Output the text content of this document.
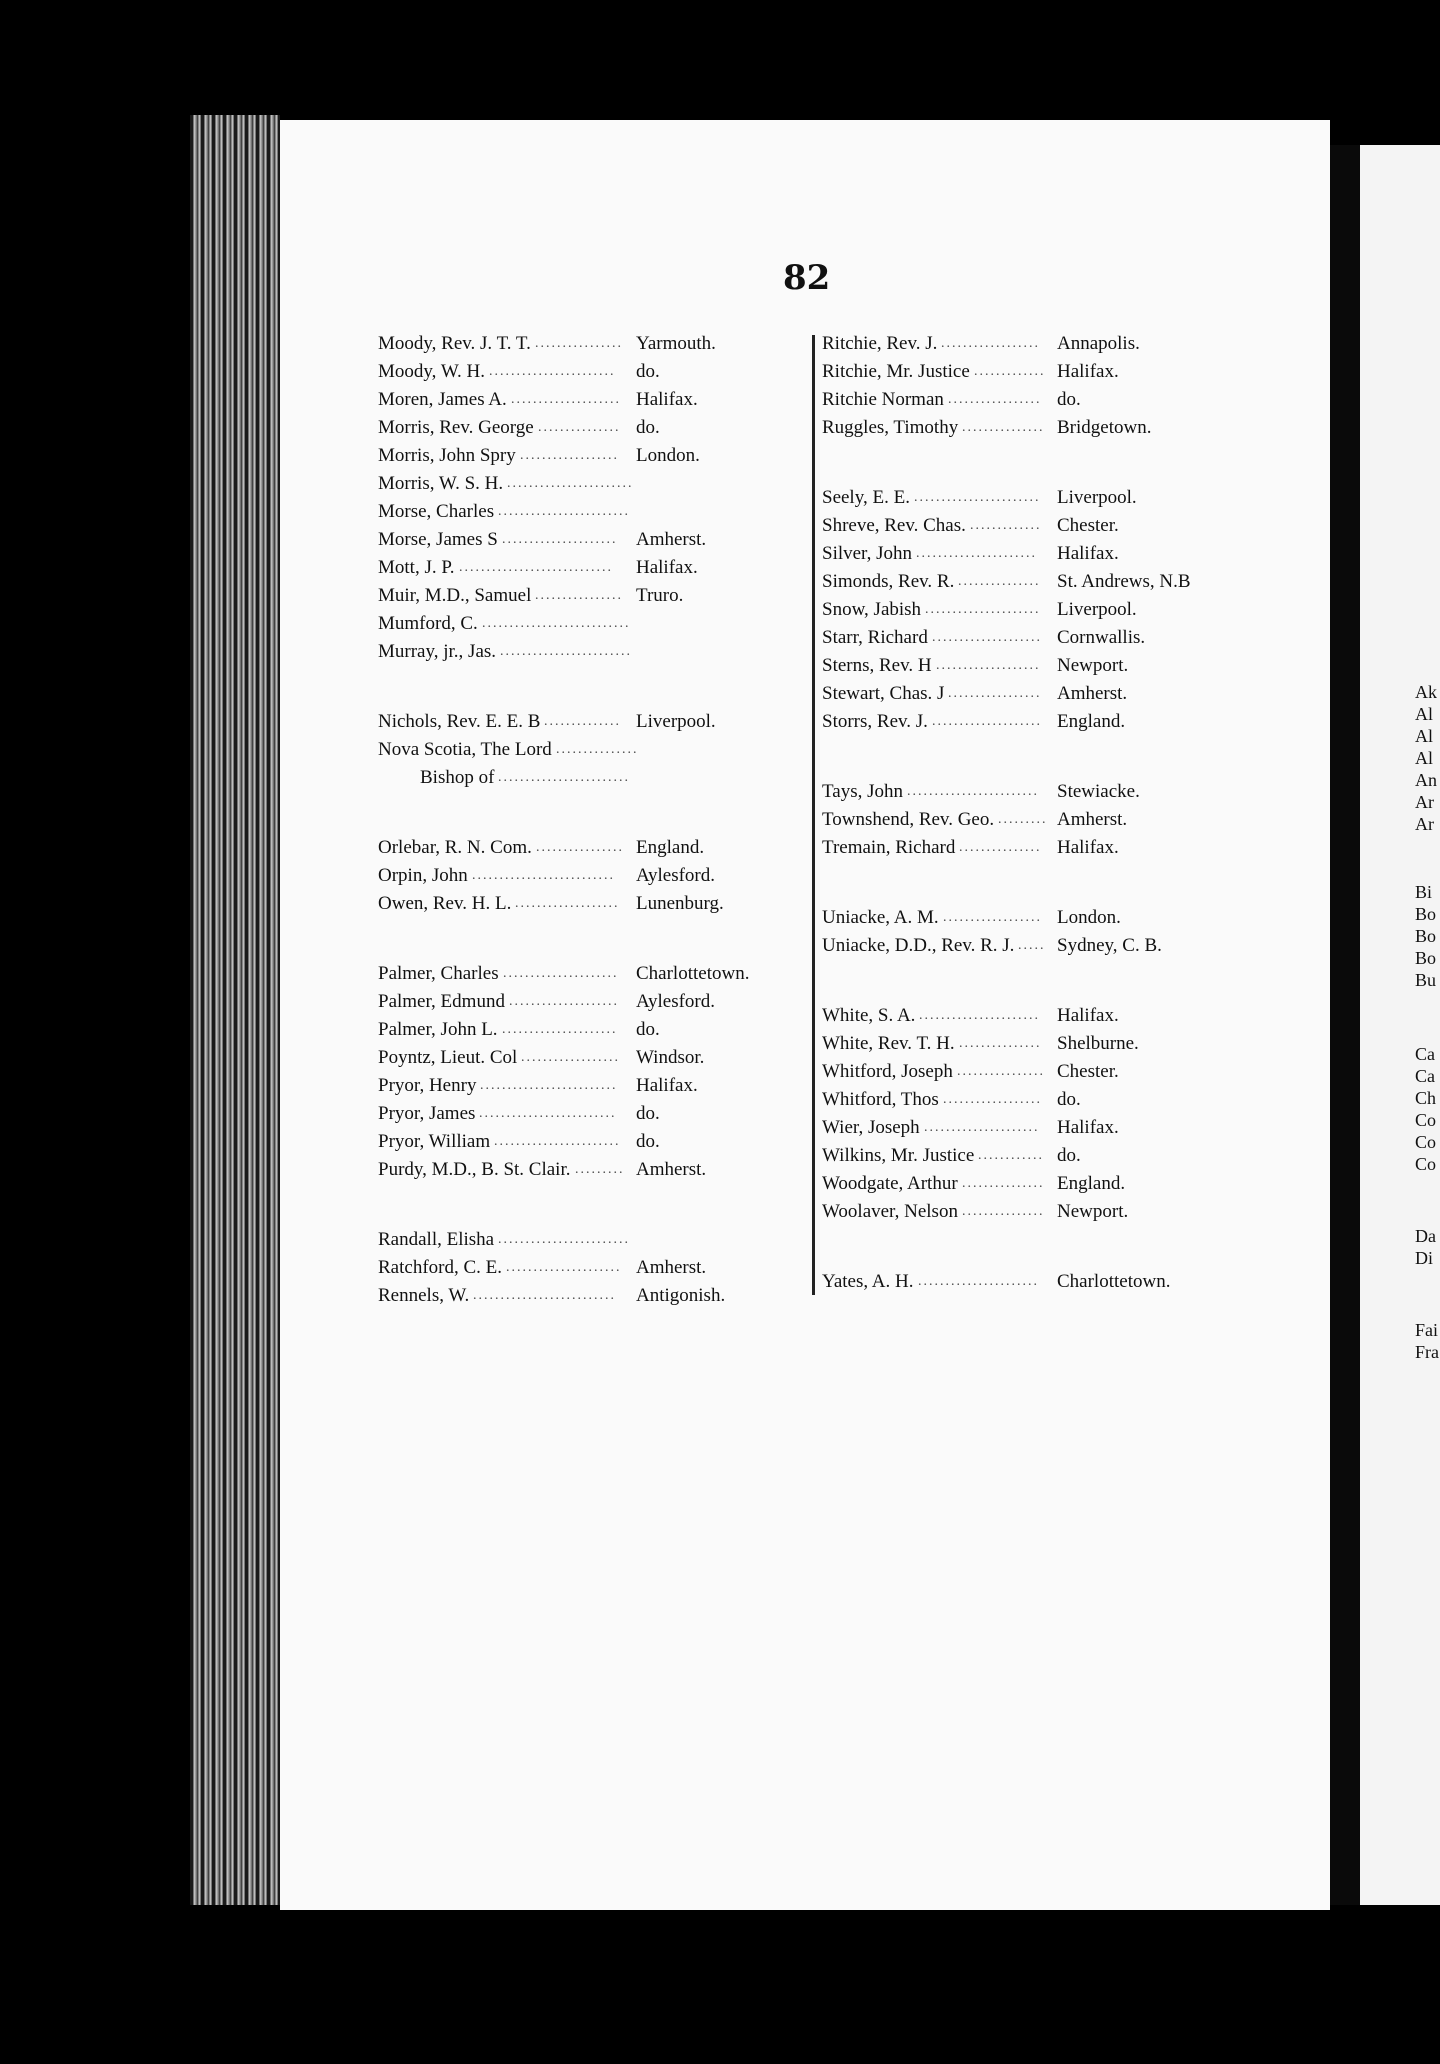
82
Moody, Rev. J. T. T. ................ Yarmouth.
Moody, W. H. .......................	do.
Moren, James A. .................... Halifax.
Morris, Rev. George ............... do.
Morris, John Spry .................. London.
Morris, W. S. H. .......................
Morse, Charles ........................
Morse, James S ..................... Amherst.
Mott, J. P. ............................	Halifax.
Muir, M.D., Samuel ................ Truro.
Mumford, C. ...........................
Murray, jr., Jas. ........................
Nichols, Rev. E. E. B .............. Liverpool.
Nova Scotia, The Lord ...............
Bishop of ........................
Orlebar, R. N. Com. ................ England.
Orpin, John ..........................	Aylesford.
Owen, Rev. H. L. ................... Lunenburg.
Palmer, Charles ..................... Charlottetown.
Palmer, Edmund .................... Aylesford.
Palmer, John L. ..................... do.
Poyntz, Lieut. Col .................. Windsor.
Pryor, Henry ......................... Halifax.
Pryor, James .........................	do.
Pryor, William ....................... do.
Purdy, M.D., B. St. Clair. ......... Amherst.
Randall, Elisha ........................
Ratchford, C. E. ..................... Amherst.
Rennels, W. ..........................	Antigonish.
Ritchie, Rev. J. .................. Annapolis.
Ritchie, Mr. Justice ............. Halifax.
Ritchie Norman ................. do.
Ruggles, Timothy ............... Bridgetown.
Seely, E. E. ....................... Liverpool.
Shreve, Rev. Chas. ............. Chester.
Silver, John ......................	Halifax.
Simonds, Rev. R. ............... St. Andrews, N.B
Snow, Jabish ..................... Liverpool.
Starr, Richard .................... Cornwallis.
Sterns, Rev. H ................... Newport.
Stewart, Chas. J ................. Amherst.
Storrs, Rev. J. .................... England.
Tays, John ........................ Stewiacke.
Townshend, Rev. Geo. ......... Amherst.
Tremain, Richard ............... Halifax.
Uniacke, A. M. .................. London.
Uniacke, D.D., Rev. R. J. ..... Sydney, C. B.
White, S. A. ...................... Halifax.
White, Rev. T. H. ............... Shelburne.
Whitford, Joseph ................ Chester.
Whitford, Thos .................. do.
Wier, Joseph ..................... Halifax.
Wilkins, Mr. Justice ............ do.
Woodgate, Arthur ............... England.
Woolaver, Nelson ............... Newport.
Yates, A. H. ...................... Charlottetown.
Ak
Al
Al
Al
An
Ar
Ar
Bi
Bo
Bo
Bo
Bu
Ca
Ca
Ch
Co
Co
Co
Da
Di
Fai
Fra
